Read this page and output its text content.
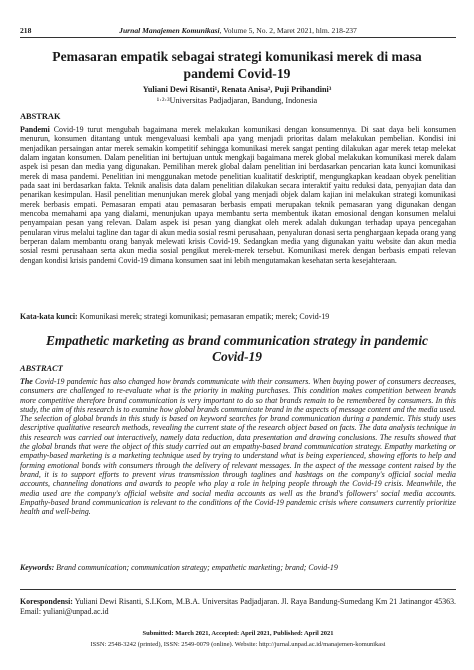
218	Jurnal Manajemen Komunikasi, Volume 5, No. 2, Maret 2021, hlm. 218-237
Pemasaran empatik sebagai strategi komunikasi merek di masa pandemi Covid-19
Yuliani Dewi Risanti¹, Renata Anisa², Puji Prihandini³
¹·²·³Universitas Padjadjaran, Bandung, Indonesia
ABSTRAK

Pandemi Covid-19 turut mengubah bagaimana merek melakukan komunikasi dengan konsumennya. Di saat daya beli konsumen menurun, konsumen ditantang untuk mengevaluasi kembali apa yang menjadi prioritas dalam melakukan pembelian. Kondisi ini menjadikan persaingan antar merek semakin kompetitif sehingga komunikasi merek sangat penting dilakukan agar merek tetap melekat dalam ingatan konsumen. Dalam penelitian ini bertujuan untuk mengkaji bagaimana merek global melakukan komunikasi merek dalam aspek isi pesan dan media yang digunakan. Pemilihan merek global dalam penelitian ini berdasarkan pencarian kata kunci komunikasi merek di masa pandemi. Penelitian ini menggunakan metode penelitian kualitatif deskriptif, mengungkapkan keadaan obyek penelitian pada saat ini berdasarkan fakta. Teknik analisis data dalam penelitian dilakukan secara interaktif yaitu reduksi data, penyajian data dan penarikan kesimpulan. Hasil penelitian menunjukan merek global yang menjadi objek dalam kajian ini melakukan strategi komunikasi merek berbasis empati. Pemasaran empati atau pemasaran berbasis empati merupakan teknik pemasaran yang digunakan dengan mencoba memahami apa yang dialami, menunjukan upaya membantu serta membentuk ikatan emosional dengan konsumen melalui penyampaian pesan yang relevan. Dalam aspek isi pesan yang diangkat oleh merek adalah dukungan terhadap upaya pencegahan penularan virus melalui tagline dan tagar di akun media sosial resmi perusahaan, penyaluran donasi serta penghargaan kepada orang yang berperan dalam membantu orang banyak melewati krisis Covid-19. Sedangkan media yang digunakan yaitu website dan akun media sosial resmi perusahaan serta akun media sosial pengikut merek-merek tersebut. Komunikasi merek dengan berbasis empati relevan dengan kondisi krisis pandemi Covid-19 dimana konsumen saat ini lebih mengutamakan kesehatan serta kesejahteraan.

Kata-kata kunci: Komunikasi merek; strategi komunikasi; pemasaran empatik; merek; Covid-19
Empathetic marketing as brand communication strategy in pandemic Covid-19
ABSTRACT

The Covid-19 pandemic has also changed how brands communicate with their consumers. When buying power of consumers decreases, consumers are challenged to re-evaluate what is the priority in making purchases. This condition makes competition between brands more competitive therefore brand communication is very important to do so that brands remain to be remembered by consumers. In this study, the aim of this research is to examine how global brands communicate brand in the aspects of message content and the media used. The selection of global brands in this study is based on keyword searches for brand communication during a pandemic. This study uses descriptive qualitative research methods, revealing the current state of the research object based on facts. The data analysis technique in this research was carried out interactively, namely data reduction, data presentation and drawing conclusions. The results showed that the global brands that were the object of this study carried out an empathy-based brand communication strategy. Empathy marketing or empathy-based marketing is a marketing technique used by trying to understand what is being experienced, showing efforts to help and forming emotional bonds with consumers through the delivery of relevant messages. In the aspect of the message content raised by the brand, it is to support efforts to prevent virus transmission through taglines and hashtags on the company's official social media accounts, channeling donations and awards to people who play a role in helping people through the Covid-19 crisis. Meanwhile, the media used are the company's official website and social media accounts as well as the brand's followers' social media accounts. Empathy-based brand communication is relevant to the conditions of the Covid-19 pandemic crisis where consumers currently prioritize health and well-being.

Keywords: Brand communication; communication strategy; empathetic marketing; brand; Covid-19
Korespondensi: Yuliani Dewi Risanti, S.I.Kom, M.B.A. Universitas Padjadjaran. Jl. Raya Bandung-Sumedang Km 21 Jatinangor 45363. Email: yuliani@unpad.ac.id
Submitted: March 2021, Accepted: April 2021, Published: April 2021
ISSN: 2548-3242 (printed), ISSN: 2549-0079 (online). Website: http://jurnal.unpad.ac.id/manajemen-komunikasi
